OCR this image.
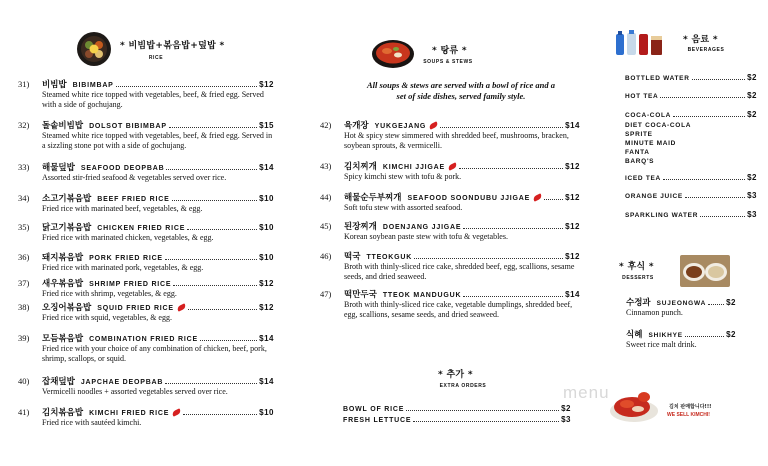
* 비빔밥+볶음밥+덮밥 *
RICE
31)	비빔밥 BIBIMBAP	$12
Steamed white rice topped with vegetables, beef, & fried egg. Served with a side of gochujang.
32)	돌솥비빔밥 DOLSOT BIBIMBAP	$15
Steamed white rice topped with vegetables, beef, & fried egg. Served in a sizzling stone pot with a side of gochujang.
33)	해물덮밥 SEAFOOD DEOPBAB	$14
Assorted stir-fried seafood & vegetables served over rice.
34)	소고기볶음밥 BEEF FRIED RICE	$10
Fried rice with marinated beef, vegetables, & egg.
35)	닭고기볶음밥 CHICKEN FRIED RICE	$10
Fried rice with marinated chicken, vegetables, & egg.
36)	돼지볶음밥 PORK FRIED RICE	$10
Fried rice with marinated pork, vegetables, & egg.
37)	새우볶음밥 SHRIMP FRIED RICE	$12
Fried rice with shrimp, vegetables, & egg.
38)	오징어볶음밥 SQUID FRIED RICE	$12
Fried rice with squid, vegetables, & egg.
39)	모듬볶음밥 COMBINATION FRIED RICE	$14
Fried rice with your choice of any combination of chicken, beef, pork, shrimp, scallops, or squid.
40)	잡채덮밥 JAPCHAE DEOPBAB	$14
Vermicelli noodles + assorted vegetables served over rice.
41)	김치볶음밥 KIMCHI FRIED RICE	$10
Fried rice with sautéed kimchi.
* 탕류 *
SOUPS & STEWS
All soups & stews are served with a bowl of rice and a set of side dishes, served family style.
42)	육개장 YUKGEJANG	$14
Hot & spicy stew simmered with shredded beef, mushrooms, bracken, soybean sprouts, & vermicelli.
43)	김치찌개 KIMCHI JJIGAE	$12
Spicy kimchi stew with tofu & pork.
44)	해물순두부찌개 SEAFOOD SOONDUBU JJIGAE	$12
Soft tofu stew with assorted seafood.
45)	된장찌개 DOENJANG JJIGAE	$12
Korean soybean paste stew with tofu & vegetables.
46)	떡국 TTEOKGUK	$12
Broth with thinly-sliced rice cake, shredded beef, egg, scallions, sesame seeds, and dried seaweed.
47)	떡만두국 TTEOK MANDUGUK	$14
Broth with thinly-sliced rice cake, vegetable dumplings, shredded beef, egg, scallions, sesame seeds, and dried seaweed.
* 추가 *
EXTRA ORDERS
BOWL OF RICE	$2
FRESH LETTUCE	$3
* 음료 *
BEVERAGES
BOTTLED WATER	$2
HOT TEA	$2
COCA-COLA	$2
DIET COCA-COLA
SPRITE
MINUTE MAID
FANTA
BARQ'S
ICED TEA	$2
ORANGE JUICE	$3
SPARKLING WATER	$3
* 후식 *
DESSERTS
수정과 SUJEONGWA $2
Cinnamon punch.
식혜 SHIKHYE	$2
Sweet rice malt drink.
menu
김치 판매합니다!!!
WE SELL KIMCHI!
